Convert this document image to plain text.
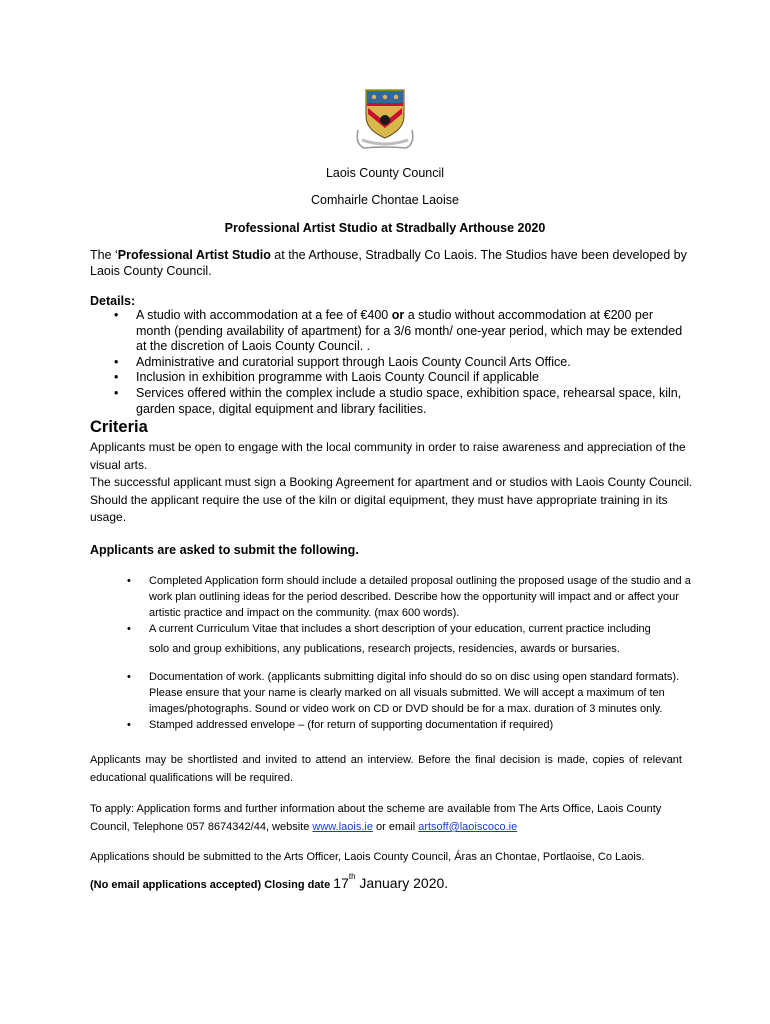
Laois County Council
Comhairle Chontae Laoise
Professional Artist Studio at Stradbally Arthouse 2020
The ‘Professional Artist Studio at the Arthouse, Stradbally Co Laois. The Studios have been developed by Laois County Council.
Details:
• A studio with accommodation at a fee of €400 or a studio without accommodation at €200 per month (pending availability of apartment) for a 3/6 month/ one-year period, which may be extended at the discretion of Laois County Council. .
• Administrative and curatorial support through Laois County Council Arts Office.
• Inclusion in exhibition programme with Laois County Council if applicable
• Services offered within the complex include a studio space, exhibition space, rehearsal space, kiln, garden space, digital equipment and library facilities.
Criteria

Applicants must be open to engage with the local community in order to raise awareness and appreciation of the visual arts.

The successful applicant must sign a Booking Agreement for apartment and or studios with Laois County Council.

Should the applicant require the use of the kiln or digital equipment, they must have appropriate training in its usage.

Applicants are asked to submit the following.
• Completed Application form should include a detailed proposal outlining the proposed usage of the studio and a work plan outlining ideas for the period described. Describe how the opportunity will impact and or affect your artistic practice and impact on the community. (max 600 words).
• A current Curriculum Vitae that includes a short description of your education, current practice including
solo and group exhibitions, any publications, research projects, residencies, awards or bursaries.
• Documentation of work. (applicants submitting digital info should do so on disc using open standard formats). Please ensure that your name is clearly marked on all visuals submitted. We will accept a maximum of ten images/photographs. Sound or video work on CD or DVD should be for a max. duration of 3 minutes only.
• Stamped addressed envelope – (for return of supporting documentation if required)
Applicants may be shortlisted and invited to attend an interview. Before the final decision is made, copies of relevant educational qualifications will be required.
To apply: Application forms and further information about the scheme are available from The Arts Office, Laois County Council, Telephone 057 8674342/44, website www.laois.ie or email artsoff@laoiscoco.ie
Applications should be submitted to the Arts Officer, Laois County Council, Áras an Chontae, Portlaoise, Co Laois.
(No email applications accepted) Closing date 17th January 2020.
